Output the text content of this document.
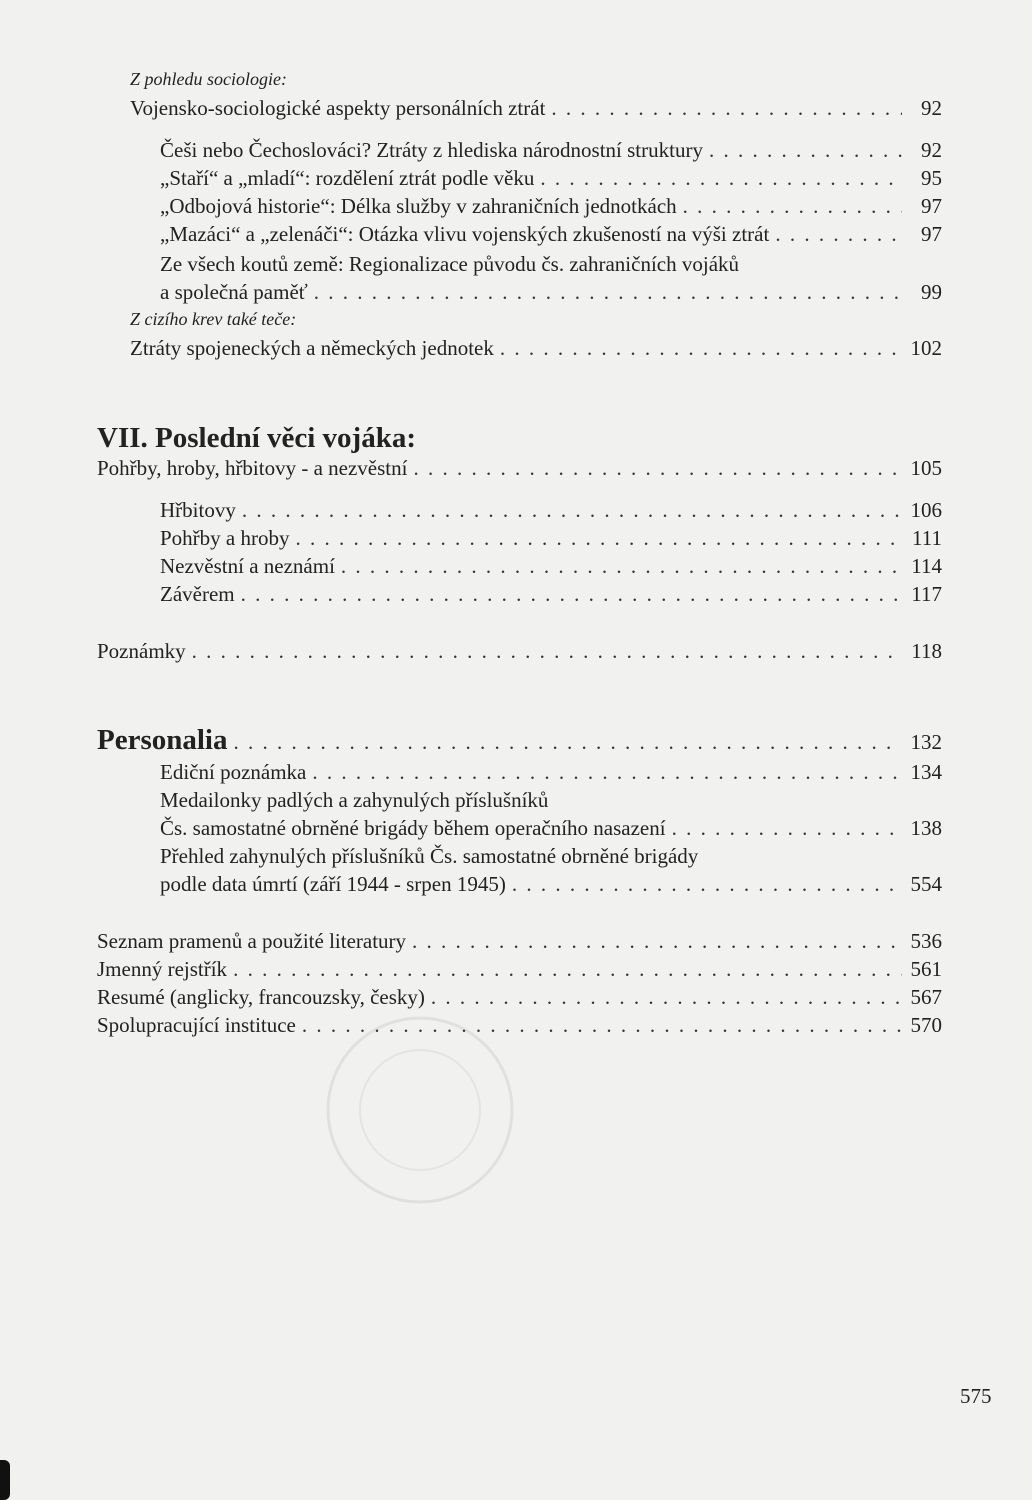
Z pohledu sociologie:
Vojensko-sociologické aspekty personálních ztrát . . .	92
Češi nebo Čechoslováci? Ztráty z hlediska národnostní struktury . . .	92
„Staří“ a „mladí“: rozdělení ztrát podle věku . . .	95
„Odbojová historie“: Délka služby v zahraničních jednotkách . . .	97
„Mazáci“ a „zelenáči“: Otázka vlivu vojenských zkušeností na výši ztrát . . .	97
Ze všech koutů země: Regionalizace původu čs. zahraničních vojáků
a společná paměť . . .	99
Z cizího krev také teče:
Ztráty spojeneckých a německých jednotek . . .	102
VII. Poslední věci vojáka:
Pohřby, hroby, hřbitovy - a nezvěstní . . .	105
Hřbitovy . . .	106
Pohřby a hroby . . .	111
Nezvěstní a neznámí . . .	114
Závěrem . . .	117
Poznámky . . .	118
Personalia . . .	132
Ediční poznámka . . .	134
Medailonky padlých a zahynulých příslušníků
Čs. samostatné obrněné brigády během operačního nasazení . . .	138
Přehled zahynulých příslušníků Čs. samostatné obrněné brigády
podle data úmrtí (září 1944 - srpen 1945) . . .	554
Seznam pramenů a použité literatury . . .	536
Jmenný rejstřík . . .	561
Resumé (anglicky, francouzsky, česky) . . .	567
Spolupracující instituce . . .	570
575
